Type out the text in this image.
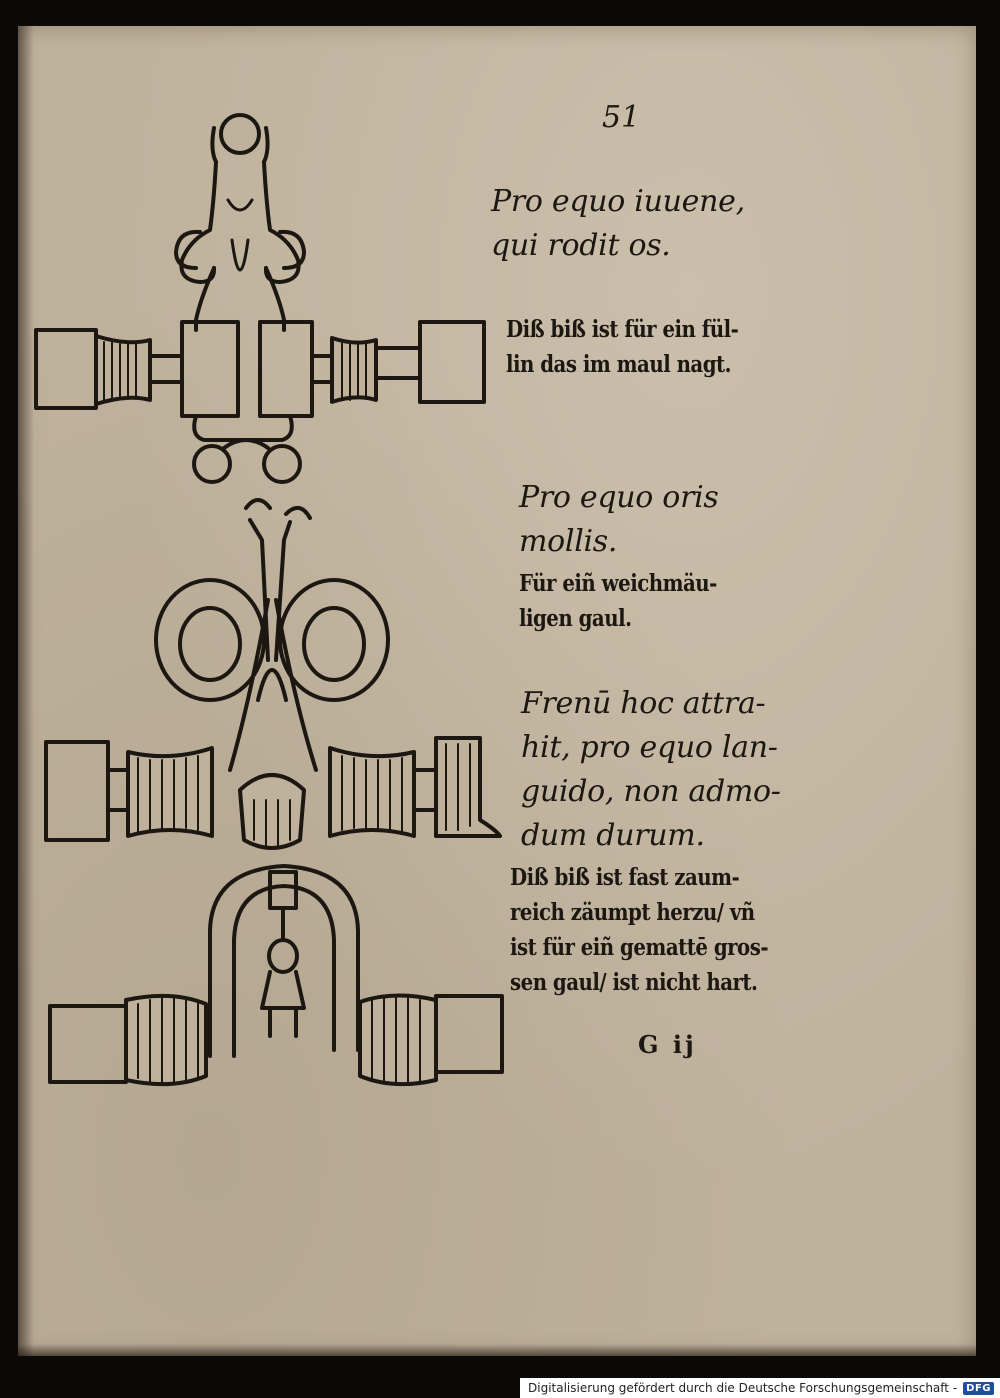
51

Pro equo iuuene,
qui rodit os.
Diß biß ist für ein fül-
lin das im maul nagt.
Pro equo oris
mollis.
Für eiñ weichmäu-
ligen gaul.
Frenū hoc attra-
hit, pro equo lan-
guido, non admo-
dum durum.
Diß biß ist fast zaum-
reich zäumpt herzu/ vñ
ist für eiñ gemattē gros-
sen gaul/ ist nicht hart.

G ij

Digitalisierung gefördert durch die Deutsche Forschungsgemeinschaft - DFG
